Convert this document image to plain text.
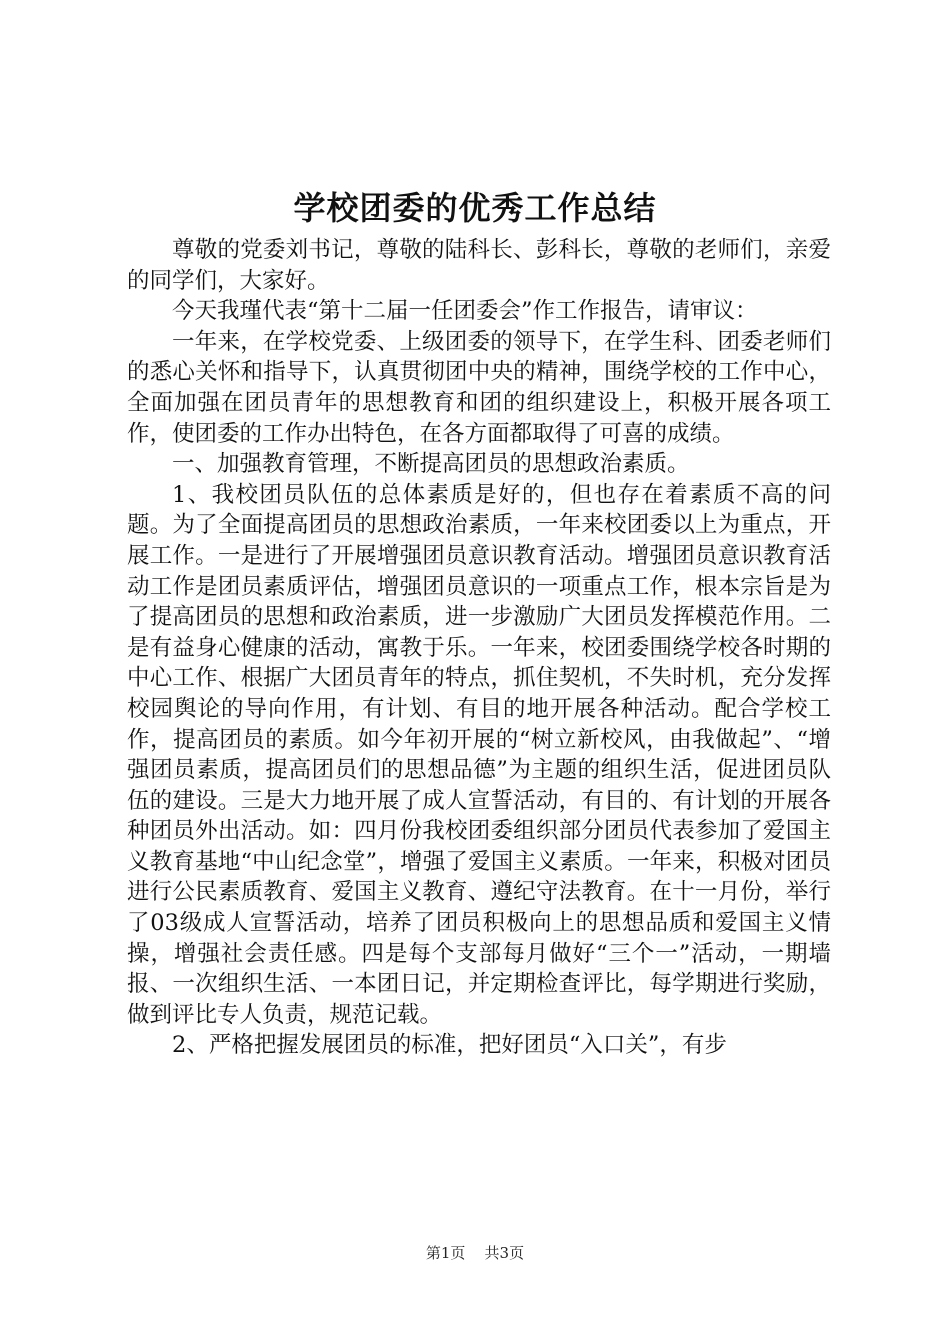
学校团委的优秀工作总结

尊敬的党委刘书记，尊敬的陆科长、彭科长，尊敬的老师们，亲爱的同学们，大家好。

今天我瑾代表“第十二届一任团委会”作工作报告，请审议：

一年来，在学校党委、上级团委的领导下，在学生科、团委老师们的悉心关怀和指导下，认真贯彻团中央的精神，围绕学校的工作中心，全面加强在团员青年的思想教育和团的组织建设上，积极开展各项工作，使团委的工作办出特色，在各方面都取得了可喜的成绩。

一、加强教育管理，不断提高团员的思想政治素质。

1、我校团员队伍的总体素质是好的，但也存在着素质不高的问题。为了全面提高团员的思想政治素质，一年来校团委以上为重点，开展工作。一是进行了开展增强团员意识教育活动。增强团员意识教育活动工作是团员素质评估，增强团员意识的一项重点工作，根本宗旨是为了提高团员的思想和政治素质，进一步激励广大团员发挥模范作用。二是有益身心健康的活动，寓教于乐。一年来，校团委围绕学校各时期的中心工作、根据广大团员青年的特点，抓住契机，不失时机，充分发挥校园舆论的导向作用，有计划、有目的地开展各种活动。配合学校工作，提高团员的素质。如今年初开展的“树立新校风，由我做起”、“增强团员素质，提高团员们的思想品德”为主题的组织生活，促进团员队伍的建设。三是大力地开展了成人宣誓活动，有目的、有计划的开展各种团员外出活动。如：四月份我校团委组织部分团员代表参加了爱国主义教育基地“中山纪念堂”，增强了爱国主义素质。一年来，积极对团员进行公民素质教育、爱国主义教育、遵纪守法教育。在十一月份，举行了03级成人宣誓活动，培养了团员积极向上的思想品质和爱国主义情操，增强社会责任感。四是每个支部每月做好“三个一”活动，一期墙报、一次组织生活、一本团日记，并定期检查评比，每学期进行奖励，做到评比专人负责，规范记载。

2、严格把握发展团员的标准，把好团员“入口关”，有步

第1页 共3页
